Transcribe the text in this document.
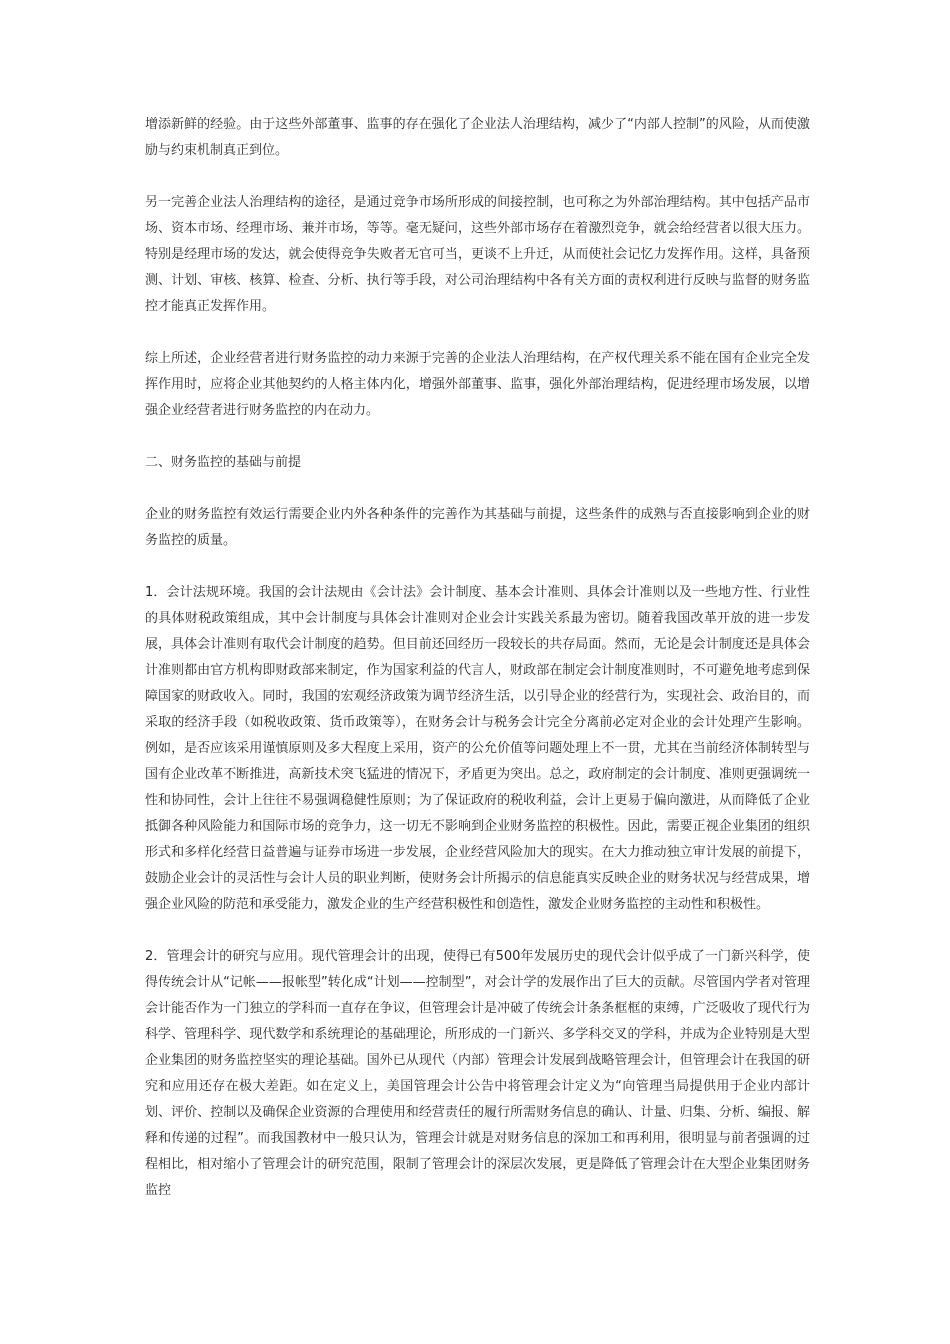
增添新鲜的经验。由于这些外部董事、监事的存在强化了企业法人治理结构，减少了“内部人控制”的风险，从而使激励与约束机制真正到位。

另一完善企业法人治理结构的途径，是通过竞争市场所形成的间接控制，也可称之为外部治理结构。其中包括产品市场、资本市场、经理市场、兼并市场，等等。毫无疑问，这些外部市场存在着激烈竞争，就会给经营者以很大压力。特别是经理市场的发达，就会使得竞争失败者无官可当，更谈不上升迁，从而使社会记忆力发挥作用。这样，具备预测、计划、审核、核算、检查、分析、执行等手段，对公司治理结构中各有关方面的责权利进行反映与监督的财务监控才能真正发挥作用。

综上所述，企业经营者进行财务监控的动力来源于完善的企业法人治理结构，在产权代理关系不能在国有企业完全发挥作用时，应将企业其他契约的人格主体内化，增强外部董事、监事，强化外部治理结构，促进经理市场发展，以增强企业经营者进行财务监控的内在动力。

二、财务监控的基础与前提

企业的财务监控有效运行需要企业内外各种条件的完善作为其基础与前提，这些条件的成熟与否直接影响到企业的财务监控的质量。

1．会计法规环境。我国的会计法规由《会计法》会计制度、基本会计准则、具体会计准则以及一些地方性、行业性的具体财税政策组成，其中会计制度与具体会计准则对企业会计实践关系最为密切。随着我国改革开放的进一步发展，具体会计准则有取代会计制度的趋势。但目前还回经历一段较长的共存局面。然而，无论是会计制度还是具体会计准则都由官方机构即财政部来制定，作为国家利益的代言人，财政部在制定会计制度准则时，不可避免地考虑到保障国家的财政收入。同时，我国的宏观经济政策为调节经济生活，以引导企业的经营行为，实现社会、政治目的，而采取的经济手段（如税收政策、货币政策等），在财务会计与税务会计完全分离前必定对企业的会计处理产生影响。例如，是否应该采用谨慎原则及多大程度上采用，资产的公允价值等问题处理上不一贯，尤其在当前经济体制转型与国有企业改革不断推进，高新技术突飞猛进的情况下，矛盾更为突出。总之，政府制定的会计制度、准则更强调统一性和协同性，会计上往往不易强调稳健性原则；为了保证政府的税收利益，会计上更易于偏向激进，从而降低了企业抵御各种风险能力和国际市场的竞争力，这一切无不影响到企业财务监控的积极性。因此，需要正视企业集团的组织形式和多样化经营日益普遍与证券市场进一步发展，企业经营风险加大的现实。在大力推动独立审计发展的前提下，鼓励企业会计的灵活性与会计人员的职业判断，使财务会计所揭示的信息能真实反映企业的财务状况与经营成果，增强企业风险的防范和承受能力，激发企业的生产经营积极性和创造性，激发企业财务监控的主动性和积极性。

2．管理会计的研究与应用。现代管理会计的出现，使得已有500年发展历史的现代会计似乎成了一门新兴科学，使得传统会计从“记帐——报帐型”转化成“计划——控制型”，对会计学的发展作出了巨大的贡献。尽管国内学者对管理会计能否作为一门独立的学科而一直存在争议，但管理会计是冲破了传统会计条条框框的束缚，广泛吸收了现代行为科学、管理科学、现代数学和系统理论的基础理论，所形成的一门新兴、多学科交叉的学科，并成为企业特别是大型企业集团的财务监控坚实的理论基础。国外已从现代（内部）管理会计发展到战略管理会计，但管理会计在我国的研究和应用还存在极大差距。如在定义上，美国管理会计公告中将管理会计定义为“向管理当局提供用于企业内部计划、评价、控制以及确保企业资源的合理使用和经营责任的履行所需财务信息的确认、计量、归集、分析、编报、解释和传递的过程”。而我国教材中一般只认为，管理会计就是对财务信息的深加工和再利用，很明显与前者强调的过程相比，相对缩小了管理会计的研究范围，限制了管理会计的深层次发展，更是降低了管理会计在大型企业集团财务监控
